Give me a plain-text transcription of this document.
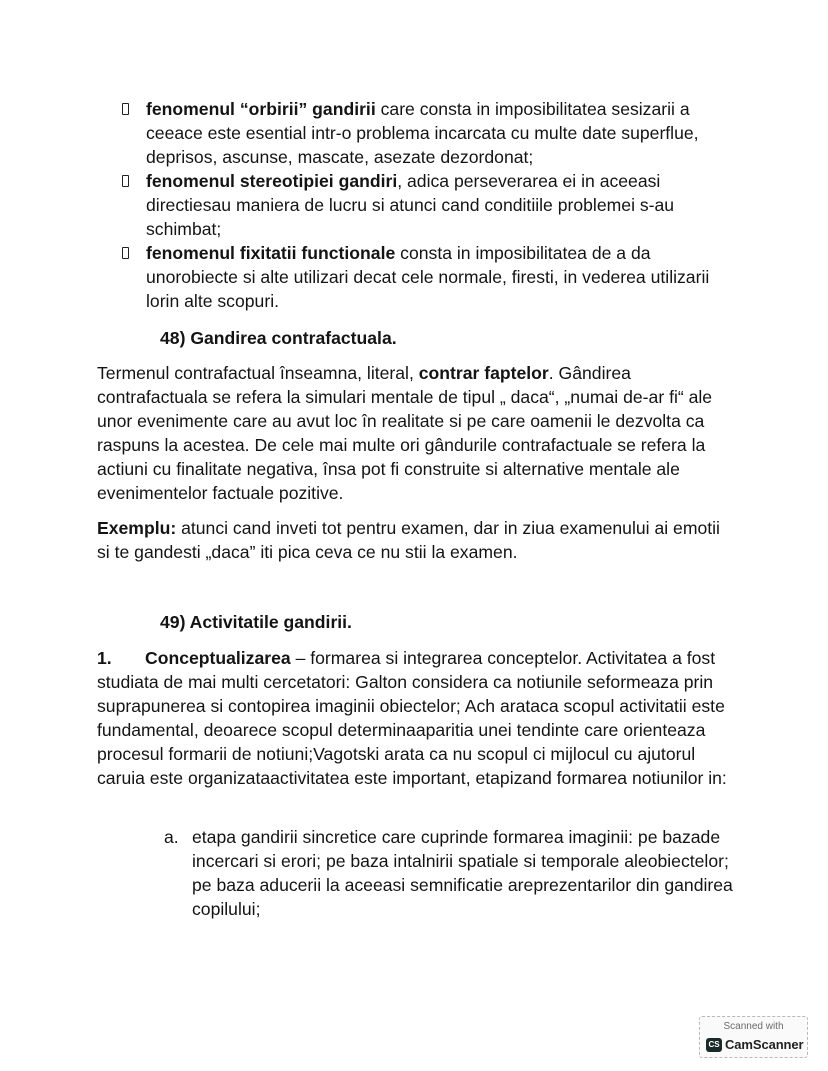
fenomenul “orbirii” gandirii care consta in imposibilitatea sesizarii a ceeace este esential intr-o problema incarcata cu multe date superflue, deprisos, ascunse, mascate, asezate dezordonat;
fenomenul stereotipiei gandiri, adica perseverarea ei in aceeasi directiesau maniera de lucru si atunci cand conditiile problemei s-au schimbat;
fenomenul fixitatii functionale consta in imposibilitatea de a da unorobiecte si alte utilizari decat cele normale, firesti, in vederea utilizarii lorin alte scopuri.
48) Gandirea contrafactuala.

Termenul contrafactual înseamna, literal, contrar faptelor. Gândirea contrafactuala se refera la simulari mentale de tipul „ daca“, „numai de-ar fi“ ale unor evenimente care au avut loc în realitate si pe care oamenii le dezvolta ca raspuns la acestea. De cele mai multe ori gândurile contrafactuale se refera la actiuni cu finalitate negativa, însa pot fi construite si alternative mentale ale evenimentelor factuale pozitive.

Exemplu: atunci cand inveti tot pentru examen, dar in ziua examenului ai emotii si te gandesti „daca” iti pica ceva ce nu stii la examen.

49) Activitatile gandirii.

1. Conceptualizarea – formarea si integrarea conceptelor. Activitatea a fost studiata de mai multi cercetatori: Galton considera ca notiunile seformeaza prin suprapunerea si contopirea imaginii obiectelor; Ach arataca scopul activitatii este fundamental, deoarece scopul determinaaparitia unei tendinte care orienteaza procesul formarii de notiuni;Vagotski arata ca nu scopul ci mijlocul cu ajutorul caruia este organizataactivitatea este important, etapizand formarea notiunilor in:

a. etapa gandirii sincretice care cuprinde formarea imaginii: pe bazade incercari si erori; pe baza intalnirii spatiale si temporale aleobiectelor; pe baza aducerii la aceeasi semnificatie areprezentarilor din gandirea copilului;
Scanned with
CS CamScanner
